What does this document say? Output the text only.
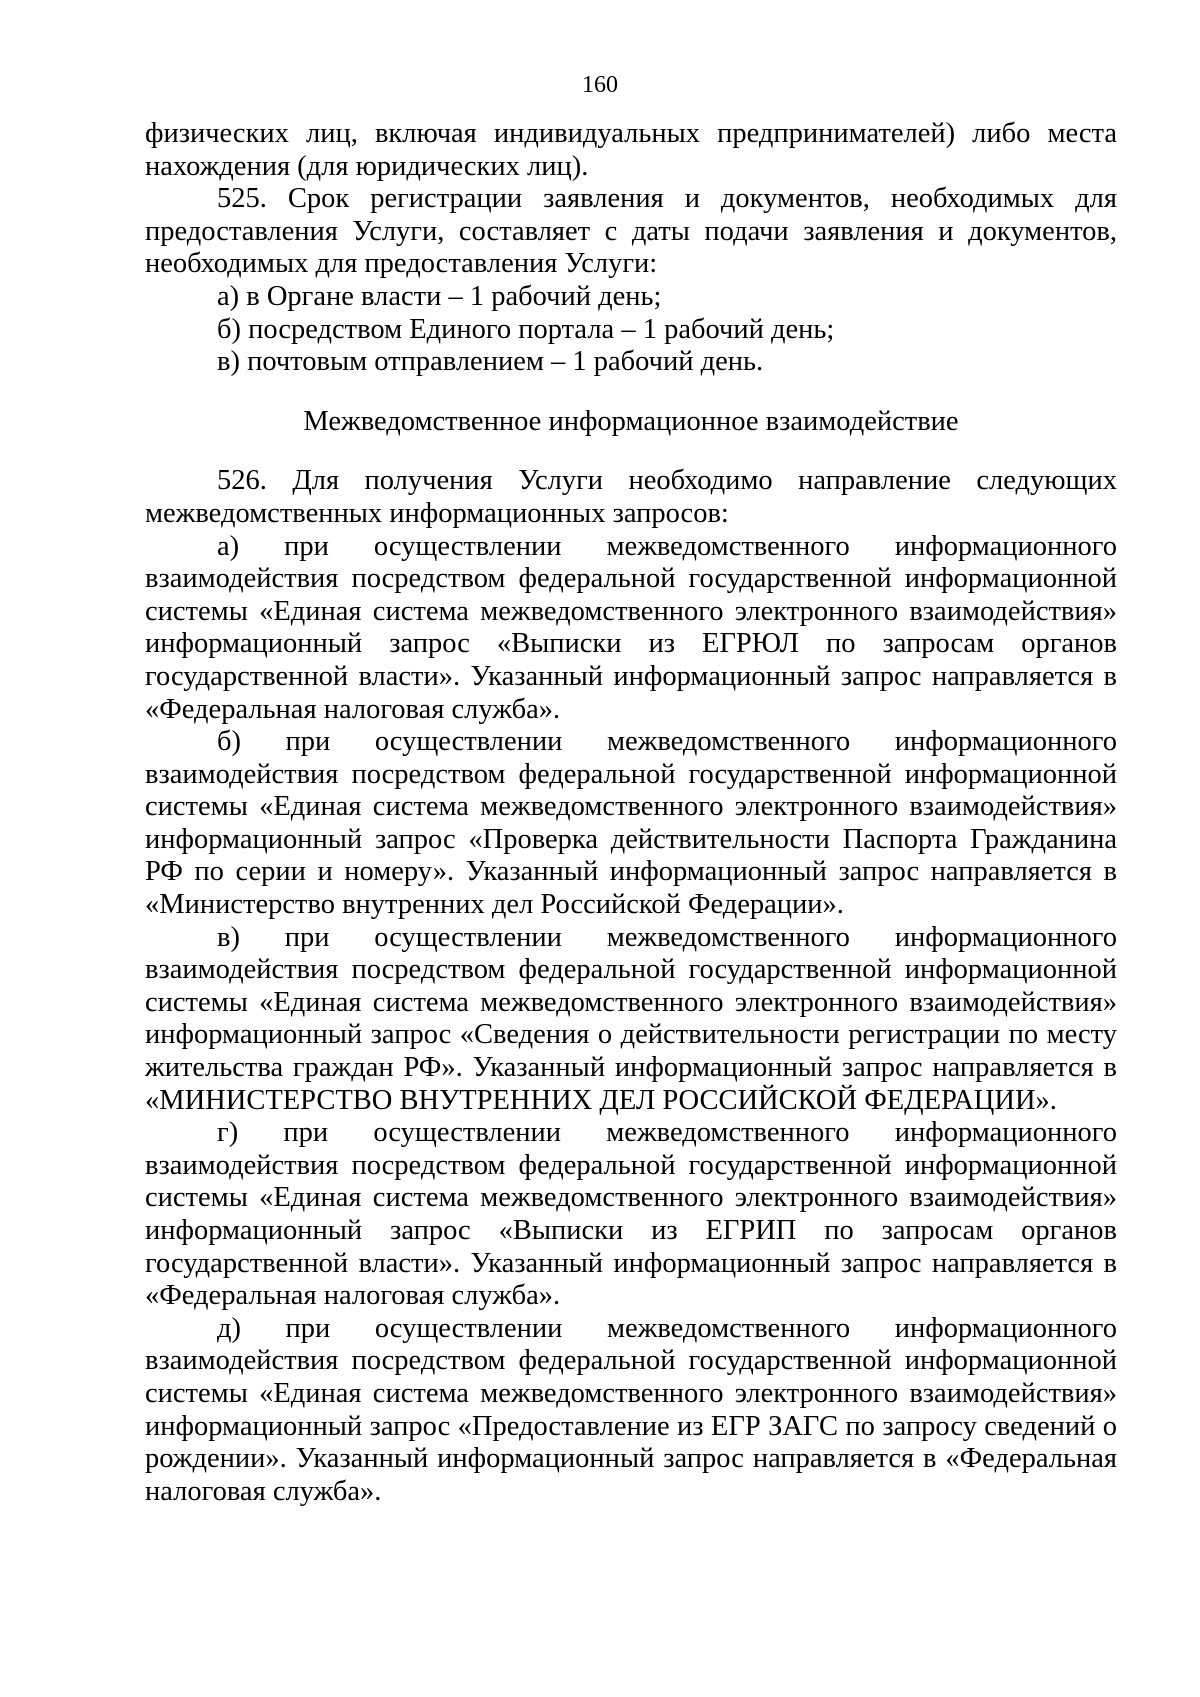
160

физических лиц, включая индивидуальных предпринимателей) либо места нахождения (для юридических лиц).

525. Срок регистрации заявления и документов, необходимых для предоставления Услуги, составляет с даты подачи заявления и документов, необходимых для предоставления Услуги:

а) в Органе власти – 1 рабочий день;

б) посредством Единого портала – 1 рабочий день;

в) почтовым отправлением – 1 рабочий день.

Межведомственное информационное взаимодействие

526. Для получения Услуги необходимо направление следующих межведомственных информационных запросов:

а) при осуществлении межведомственного информационного взаимодействия посредством федеральной государственной информационной системы «Единая система межведомственного электронного взаимодействия» информационный запрос «Выписки из ЕГРЮЛ по запросам органов государственной власти». Указанный информационный запрос направляется в «Федеральная налоговая служба».

б) при осуществлении межведомственного информационного взаимодействия посредством федеральной государственной информационной системы «Единая система межведомственного электронного взаимодействия» информационный запрос «Проверка действительности Паспорта Гражданина РФ по серии и номеру». Указанный информационный запрос направляется в «Министерство внутренних дел Российской Федерации».

в) при осуществлении межведомственного информационного взаимодействия посредством федеральной государственной информационной системы «Единая система межведомственного электронного взаимодействия» информационный запрос «Сведения о действительности регистрации по месту жительства граждан РФ». Указанный информационный запрос направляется в «МИНИСТЕРСТВО ВНУТРЕННИХ ДЕЛ РОССИЙСКОЙ ФЕДЕРАЦИИ».

г) при осуществлении межведомственного информационного взаимодействия посредством федеральной государственной информационной системы «Единая система межведомственного электронного взаимодействия» информационный запрос «Выписки из ЕГРИП по запросам органов государственной власти». Указанный информационный запрос направляется в «Федеральная налоговая служба».

д) при осуществлении межведомственного информационного взаимодействия посредством федеральной государственной информационной системы «Единая система межведомственного электронного взаимодействия» информационный запрос «Предоставление из ЕГР ЗАГС по запросу сведений о рождении». Указанный информационный запрос направляется в «Федеральная налоговая служба».
